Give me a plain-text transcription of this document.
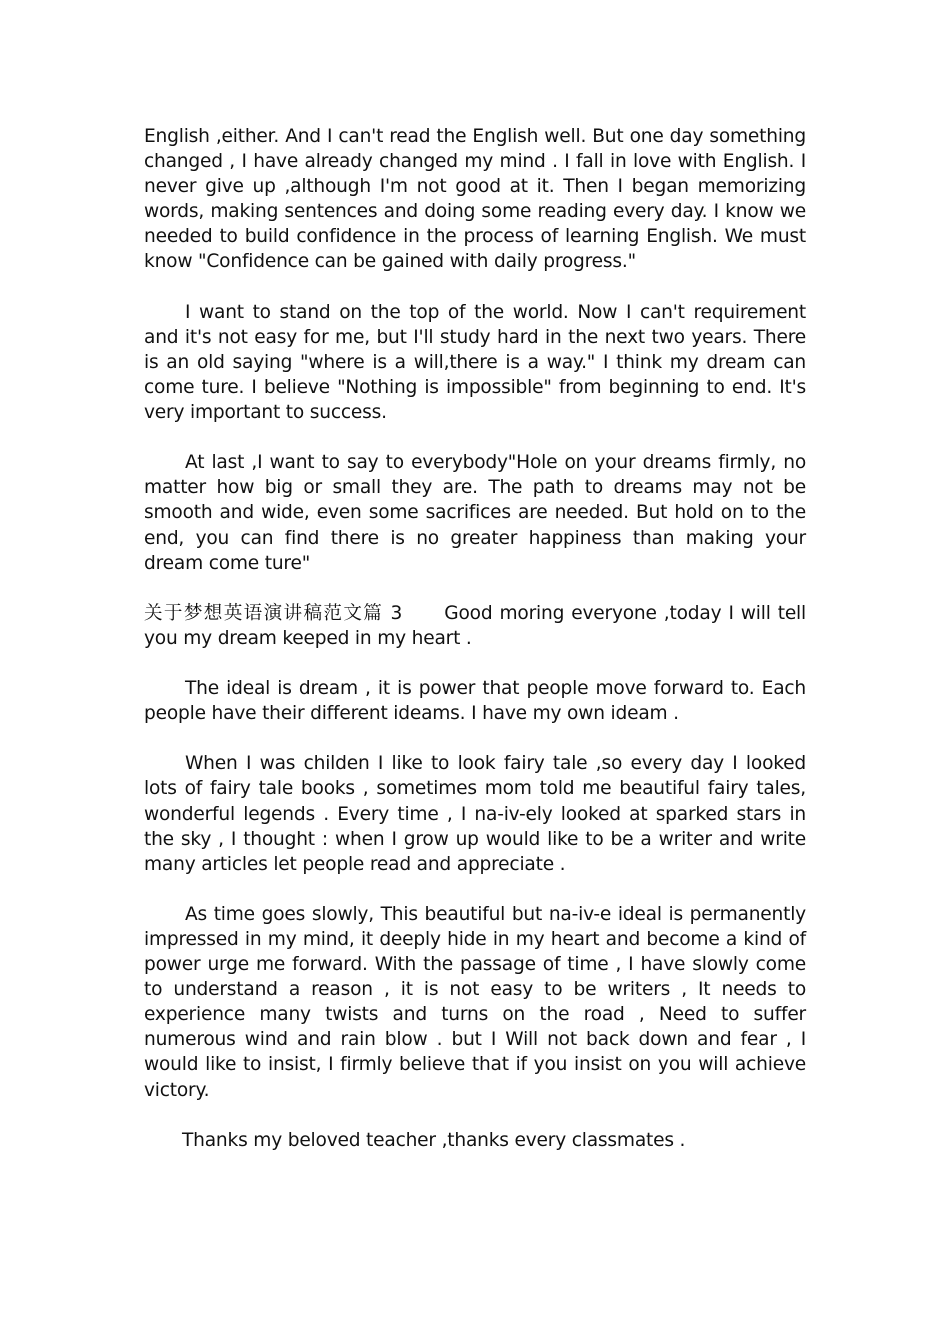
English ,either. And I can't read the English well. But one day something changed , I have already changed my mind . I fall in love with English. I never give up ,although I'm not good at it. Then I began memorizing words, making sentences and doing some reading every day. I know we needed to build confidence in the process of learning English. We must know "Confidence can be gained with daily progress."

I want to stand on the top of the world. Now I can't requirement and it's not easy for me, but I'll study hard in the next two years. There is an old saying "where is a will,there is a way." I think my dream can come ture. I believe "Nothing is impossible" from beginning to end. It's very important to success.

At last ,I want to say to everybody"Hole on your dreams firmly, no matter how big or small they are. The path to dreams may not be smooth and wide, even some sacrifices are needed. But hold on to the end, you can find there is no greater happiness than making your dream come ture"

关于梦想英语演讲稿范文篇 3 Good moring everyone ,today I will tell you my dream keeped in my heart .

The ideal is dream , it is power that people move forward to. Each people have their different ideams. I have my own ideam .

When I was childen I like to look fairy tale ,so every day I looked lots of fairy tale books , sometimes mom told me beautiful fairy tales, wonderful legends . Every time , I na-iv-ely looked at sparked stars in the sky , I thought : when I grow up would like to be a writer and write many articles let people read and appreciate .

As time goes slowly, This beautiful but na-iv-e ideal is permanently impressed in my mind, it deeply hide in my heart and become a kind of power urge me forward. With the passage of time , I have slowly come to understand a reason , it is not easy to be writers , It needs to experience many twists and turns on the road , Need to suffer numerous wind and rain blow . but I Will not back down and fear , I would like to insist, I firmly believe that if you insist on you will achieve victory.

Thanks my beloved teacher ,thanks every classmates .
